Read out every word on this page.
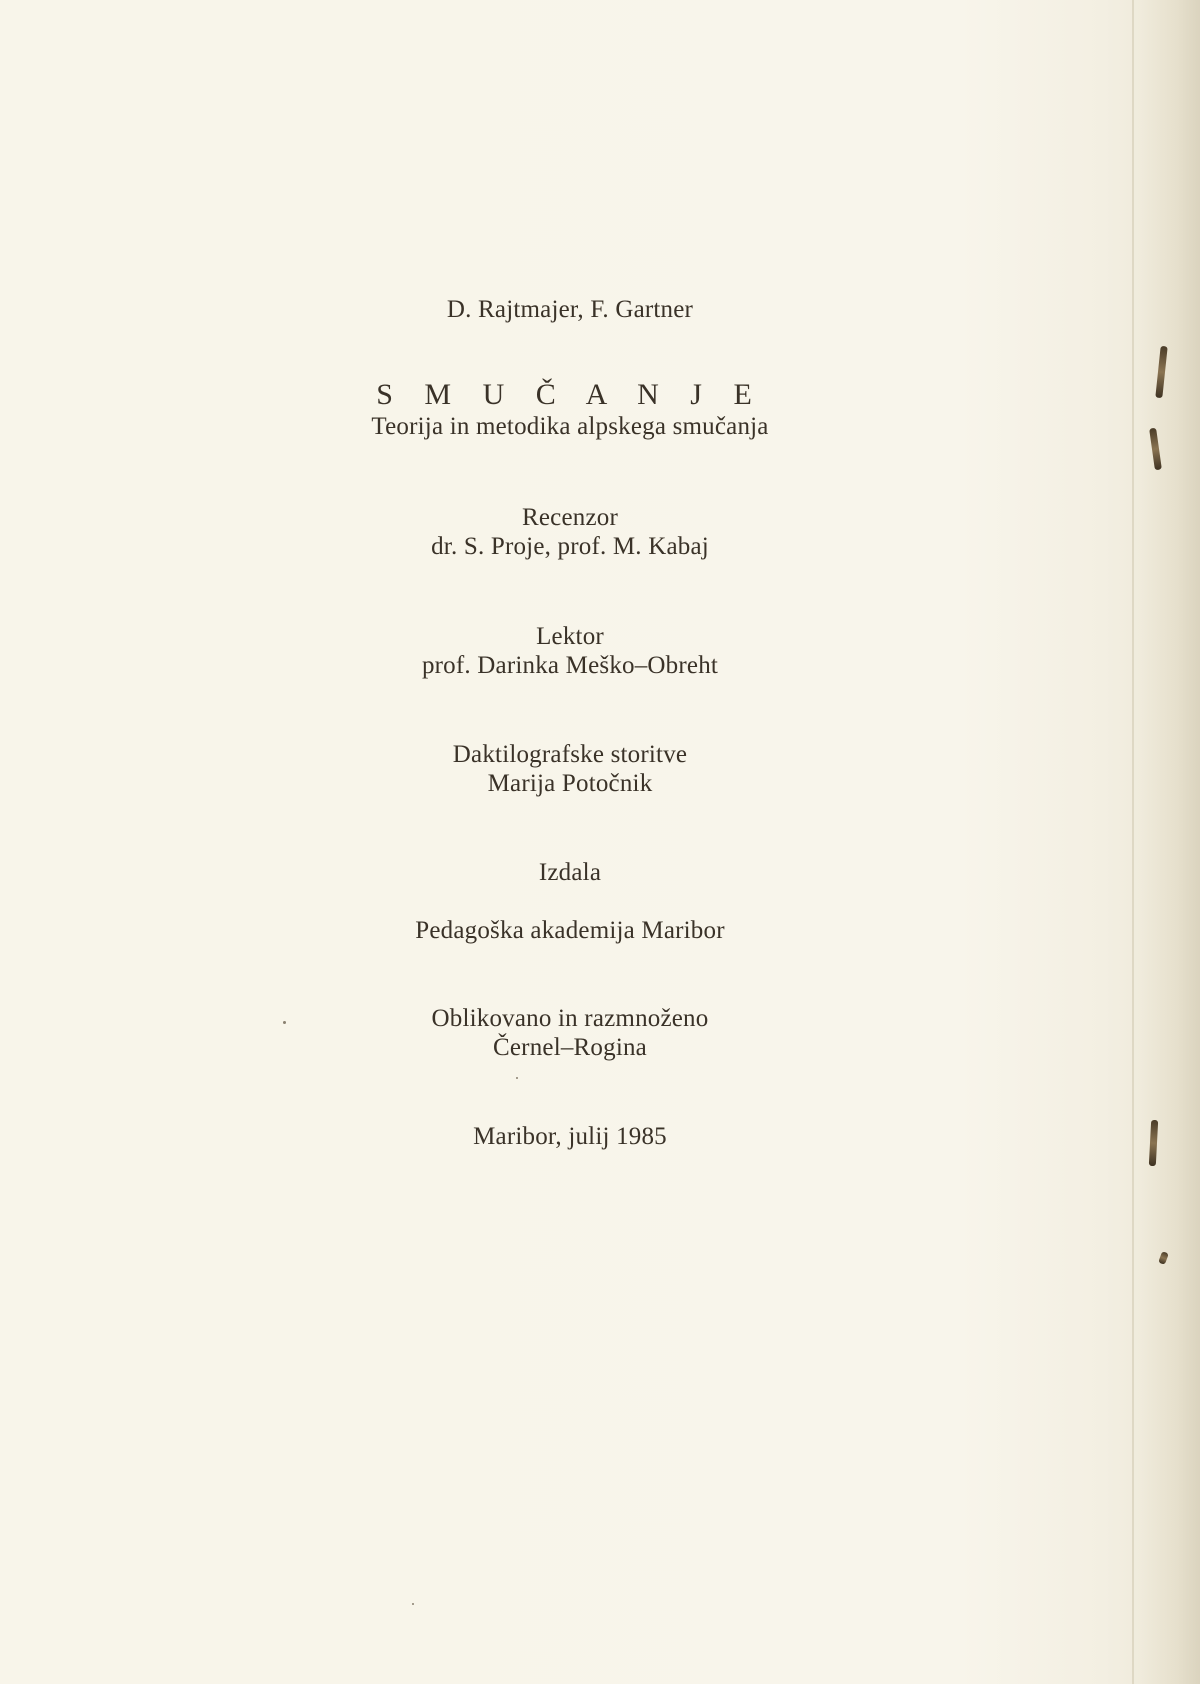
D. Rajtmajer, F. Gartner
S M U Č A N J E
Teorija in metodika alpskega smučanja
Recenzor
dr. S. Proje, prof. M. Kabaj
Lektor
prof. Darinka Meško–Obreht
Daktilografske storitve
Marija Potočnik
Izdala
Pedagoška akademija Maribor
Oblikovano in razmnoženo
Černel–Rogina
Maribor, julij 1985
